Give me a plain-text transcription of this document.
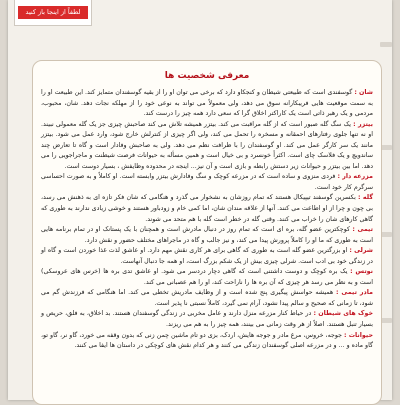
لطفاً از اینجا باز کنید
معرفی شخصیت ها

شان : گوسفندی است که طبیعتی شیطان و کنجکاو دارد که برخی می توان او را از بقیه گوسفندان متمایز کند. این طبیعت او را به سمت موقعیت هایی فریبکارانه سوق می دهد، ولی معمولاً می تواند به نوعی خود را از مهلکه نجات دهد. شان، محبوب، مردمی و یک رهبر ذاتی است یک کاراکتر اخلاق گرا که سعی دارد همه چیز را درست کند.

بیتزر : یک سگ گله صبور است که از گله مراقبت می کند. بیتزر همیشه تلاش می کند صاحبش چیزی جز یک گله معمولی نبیند. او نه تنها جلوی رفتارهای احمقانه و مسخره را تحمل می کند، ولی اگر چیزی از کنترلش خارج شود، وارد عمل می شود. بیتزر مانند یک سر کارگر عمل می کند. او گوسفندان را با ظرافت نظم می دهد. ولی به صاحبش وفادار است و گاه تا تعارض چند ساندویچ و یک فلاسک چای است. اکثراً خونسرد و بی خیال است و همین مسأله به حیوانات فرصت شیطنت و ماجراجویی را می دهد. اما بین بیتزر و حیوانات زیر دستش رابطه و بازی است و آن نیز... اینجه در محدوده وظایفش ، بسیار دوست است.

مزرعه دار : فردی منزوی و ساده است که در مزرعه کوچک و سگ وفادارش بیتزر وابسته است. او کاملاً و به صورت احساسی سرگرم کار خود است.

گله : بکسرین گوسفند تیپیکال هستند که تمام روزشان به نشخوار می گذرد و هنگامی که شان فکر تازه ای به ذهنش می رسد، بی چون و چرا از او اطاعت می کنند. آنها از علاقه مندان شان، اما کمی خام و زودباور هستند و خوشی زیادی ندارند به طوری که گاهی کارهای شان را خراب می کنند. وقتی گله در خطر است گله با هم متحد می شوند.

تیمی : کوچکترین عضو گله، بره ای است که تمام روز در دنبال مادرش است و همچنان با یک پستانک او در تمام برنامه هایی است به طوری که ما او را کاملاً پرورش پیدا می کند، و نیز جالب و گاه در ماجراهای مختلف حضور و نقش دارد.

شرلی : او بزرگترین عضو گله است به طوری که گاهی برای هر کاری نقش مهم دارد. او عاشق لذت غذا خوردن است و گاه او در زندگی خود بی ادب است. شرلی چیزی بیش از یک شکم بزرگ است، او همه جا دنبال آنهاست.

نوتس : یک بره کوچک و دوست داشتنی است که گاهی دچار دردسر می شود. او عاشق تدی بره ها (خرس های عروسکی) است و به نظر می رسد هر چیزی که آن بره ها را ناراحت کند، او را هم عصبانی می کند.

مادر تیمی : همیشه حواسش پیگیری پنج شده است و از وظایف مادریش تخطی می کند. اما هنگامی که فرزندش گم می شود، تا زمانی که صحیح و سالم پیدا نشود، آرام نمی گیرد، کاملاً نسبتی نا پذیر است.

خوک های شیطان : در حیاط کنار مزرعه منزل دارند و عامل مخربی در زندگی گوسفندان هستند. بد اخلاق، به فلق، حریص و بسیار تنبل هستند. اصلاً از هر وقت زمانی می بینند، همه چیز را به هم می ریزند.

حیوانات : جوجه، خروس، مرغ مادر و جوجه هایش، اردک، بزی دو تام ماشین چمن زنی که بدون وقفه می خورد، گاو نر، گاو تو، گاو ماده و ... و در مزرعه اصلی گوسفندان زندگی می کنند و هر کدام نقش های کوچکی در داستان ها ایفا می کنند.
